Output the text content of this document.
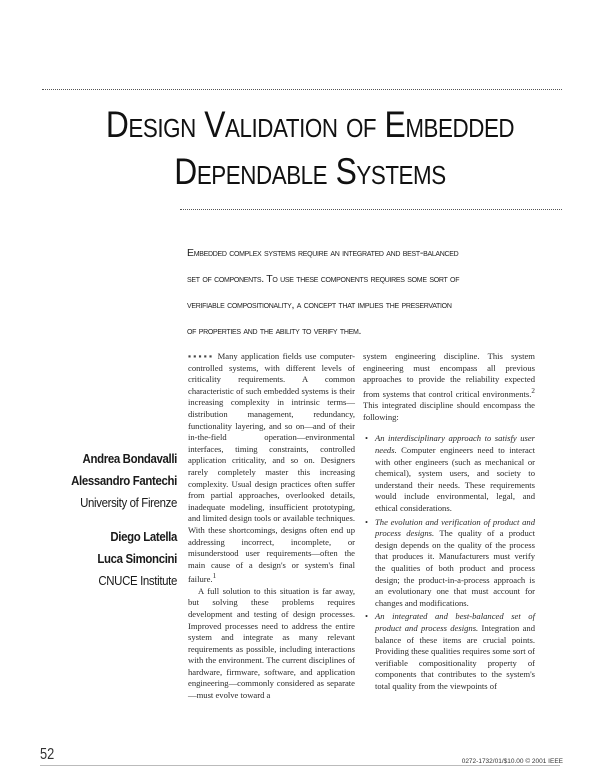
Design Validation of Embedded
Dependable Systems
Embedded complex systems require an integrated and best-balanced
set of components. To use these components requires some sort of
verifiable compositionality, a concept that implies the preservation
of properties and the ability to verify them.
Andrea Bondavalli
Alessandro Fantechi
University of Firenze
Diego Latella
Luca Simoncini
CNUCE Institute

▪▪▪▪▪ Many application fields use computer-controlled systems, with different levels of criticality requirements. A common characteristic of such embedded systems is their increasing complexity in intrinsic terms—distribution management, redundancy, functionality layering, and so on—and of their in-the-field operation—environmental interfaces, timing constraints, controlled application criticality, and so on. Designers rarely completely master this increasing complexity. Usual design practices often suffer from partial approaches, overlooked details, inadequate modeling, insufficient prototyping, and limited design tools or available techniques. With these shortcomings, designs often end up addressing incorrect, incomplete, or misunderstood user requirements—often the main cause of a design's or system's final failure.$^1$

A full solution to this situation is far away, but solving these problems requires development and testing of design processes. Improved processes need to address the entire system and integrate as many relevant requirements as possible, including interactions with the environment. The current disciplines of hardware, firmware, software, and application engineering—commonly considered as separate—must evolve toward a

system engineering discipline. This system engineering must encompass all previous approaches to provide the reliability expected from systems that control critical environments.$^2$ This integrated discipline should encompass the following:

• An interdisciplinary approach to satisfy user needs. Computer engineers need to interact with other engineers (such as mechanical or chemical), system users, and society to understand their needs. These requirements would include environmental, legal, and ethical considerations.
• The evolution and verification of product and process designs. The quality of a product design depends on the quality of the process that produces it. Manufacturers must verify the qualities of both product and process design; the product-in-a-process approach is an evolutionary one that must account for changes and modifications.
• An integrated and best-balanced set of product and process designs. Integration and balance of these items are crucial points. Providing these qualities requires some sort of verifiable compositionality property of components that contributes to the system's total quality from the viewpoints of
52	0272-1732/01/$10.00 © 2001 IEEE
